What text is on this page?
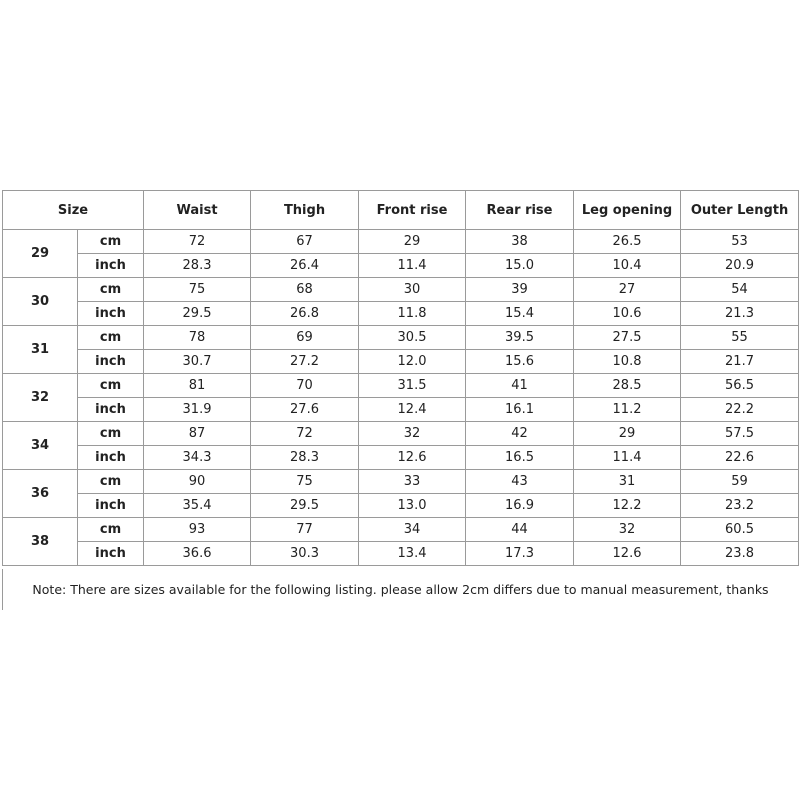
Size		Waist	Thigh	Front rise	Rear rise	Leg opening	Outer Length
29	cm	72	67	29	38	26.5	53
	inch	28.3	26.4	11.4	15.0	10.4	20.9
30	cm	75	68	30	39	27	54
	inch	29.5	26.8	11.8	15.4	10.6	21.3
31	cm	78	69	30.5	39.5	27.5	55
	inch	30.7	27.2	12.0	15.6	10.8	21.7
32	cm	81	70	31.5	41	28.5	56.5
	inch	31.9	27.6	12.4	16.1	11.2	22.2
34	cm	87	72	32	42	29	57.5
	inch	34.3	28.3	12.6	16.5	11.4	22.6
36	cm	90	75	33	43	31	59
	inch	35.4	29.5	13.0	16.9	12.2	23.2
38	cm	93	77	34	44	32	60.5
	inch	36.6	30.3	13.4	17.3	12.6	23.8
Note: There are sizes available for the following listing. please allow 2cm differs due to manual measurement, thanks
